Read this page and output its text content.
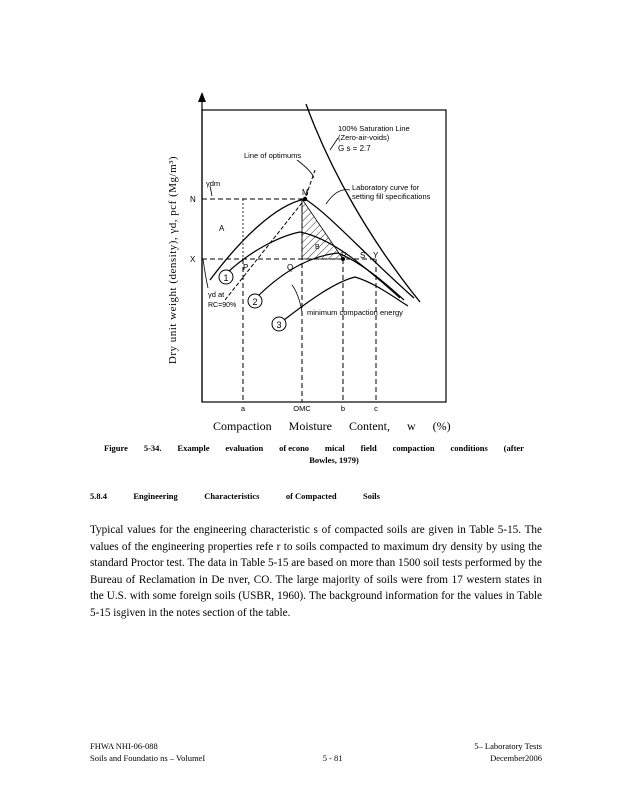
1
2
3
100% Saturation Line
(Zero-air-voids)
G s = 2.7
Line of optimums
Laboratory curve for
setting fill specifications
minimum compaction energy
γdm
γd at
RC=90%
A
B
N
M
X
P	Q
R S Y
a	OMC	b	c
Dry unit weight (density), γd, pcf (Mg/m³)
Compaction Moisture Content, w (%)
Figure 5-34. Example evaluation of econo mical field compaction conditions (after
Bowles, 1979)
5.8.4	Engineering	Characteristics	of Compacted	Soils
Typical values for the engineering characteristic s of compacted soils are given in Table 5-15. The values of the engineering properties refe r to soils compacted to maximum dry density by using the standard Proctor test. The data in Table 5-15 are based on more than 1500 soil tests performed by the Bureau of Reclamation in De nver, CO. The large majority of soils were from 17 western states in the U.S. with some foreign soils (USBR, 1960). The background information for the values in Table 5-15 isgiven in the notes section of the table.
FHWA NHI-06-088	5– Laboratory Tests
Soils and Foundatio ns – VolumeI	5 - 81	December2006
